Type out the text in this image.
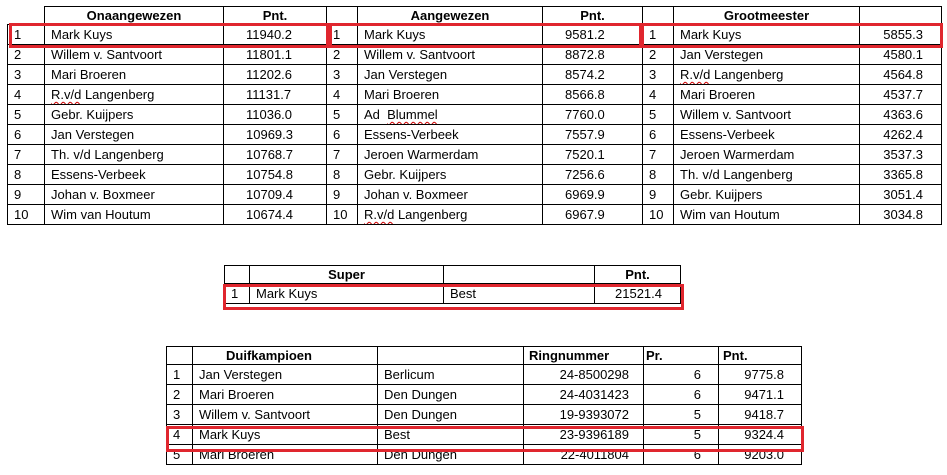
	Onaangewezen	Pnt.		Aangewezen	Pnt.		Grootmeester	
1	Mark Kuys	11940.2	1	Mark Kuys	9581.2	1	Mark Kuys	5855.3
2	Willem v. Santvoort	11801.1	2	Willem v. Santvoort	8872.8	2	Jan Verstegen	4580.1
3	Mari Broeren	11202.6	3	Jan Verstegen	8574.2	3	R.v/d Langenberg	4564.8
4	R.v/d Langenberg	11131.7	4	Mari Broeren	8566.8	4	Mari Broeren	4537.7
5	Gebr. Kuijpers	11036.0	5	Ad  Blummel	7760.0	5	Willem v. Santvoort	4363.6
6	Jan Verstegen	10969.3	6	Essens-Verbeek	7557.9	6	Essens-Verbeek	4262.4
7	Th. v/d Langenberg	10768.7	7	Jeroen Warmerdam	7520.1	7	Jeroen Warmerdam	3537.3
8	Essens-Verbeek	10754.8	8	Gebr. Kuijpers	7256.6	8	Th. v/d Langenberg	3365.8
9	Johan v. Boxmeer	10709.4	9	Johan v. Boxmeer	6969.9	9	Gebr. Kuijpers	3051.4
10	Wim van Houtum	10674.4	10	R.v/d Langenberg	6967.9	10	Wim van Houtum	3034.8
	Super		Pnt.
1	Mark Kuys	Best	21521.4
	Duifkampioen		Ringnummer	Pr.	Pnt.
1	Jan Verstegen	Berlicum	24-8500298	6	9775.8
2	Mari Broeren	Den Dungen	24-4031423	6	9471.1
3	Willem v. Santvoort	Den Dungen	19-9393072	5	9418.7
4	Mark Kuys	Best	23-9396189	5	9324.4
5	Mari Broeren	Den Dungen	22-4011804	6	9203.0
